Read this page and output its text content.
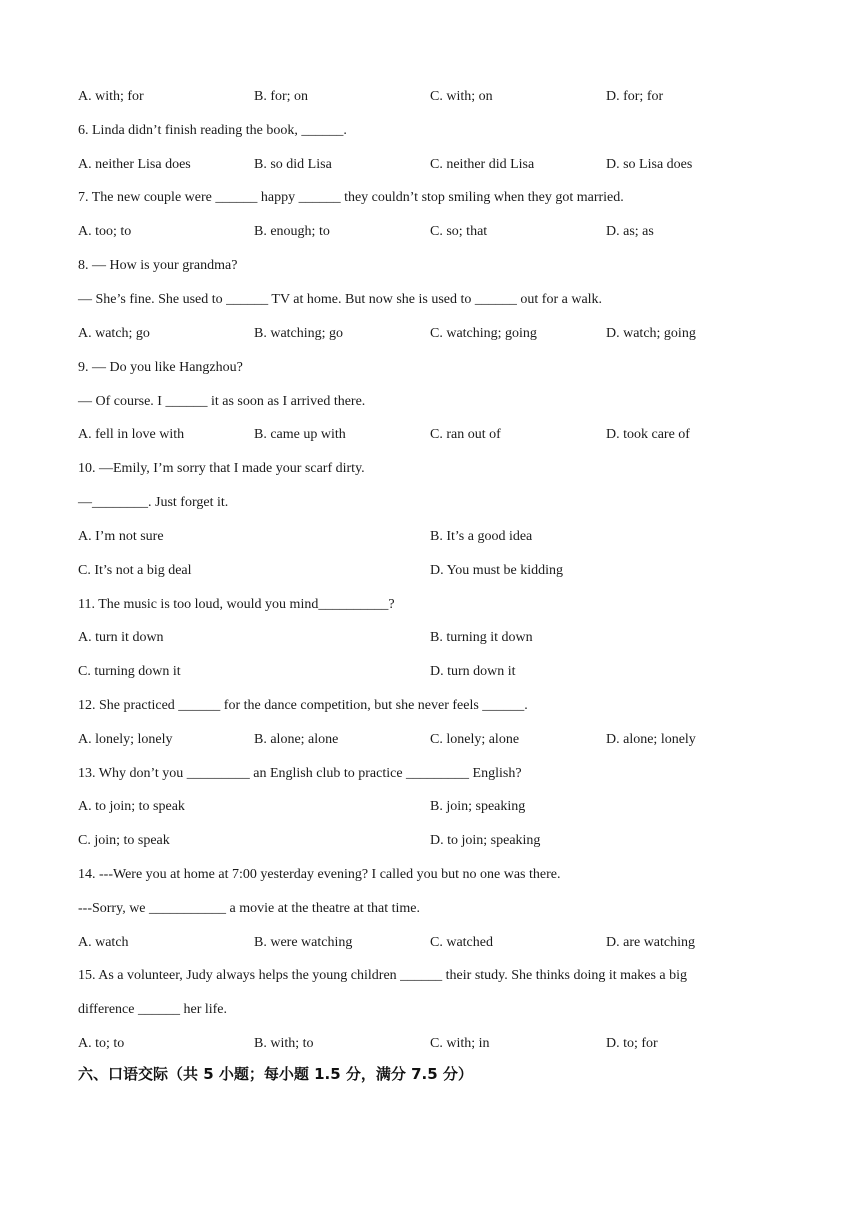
A. with; for	B. for; on	C. with; on	D. for; for
6. Linda didn’t finish reading the book, ______.
A. neither Lisa does	B. so did Lisa	C. neither did Lisa	D. so Lisa does
7. The new couple were ______ happy ______ they couldn’t stop smiling when they got married.
A. too; to	B. enough; to	C. so; that	D. as; as
8. — How is your grandma?
— She’s fine. She used to ______ TV at home. But now she is used to ______ out for a walk.
A. watch; go	B. watching; go	C. watching; going	D. watch; going
9. — Do you like Hangzhou?
— Of course. I ______ it as soon as I arrived there.
A. fell in love with	B. came up with	C. ran out of	D. took care of
10. —Emily, I’m sorry that I made your scarf dirty.
—________. Just forget it.
A. I’m not sure	B. It’s a good idea
C. It’s not a big deal	D. You must be kidding
11. The music is too loud, would you mind__________?
A. turn it down	B. turning it down
C. turning down it	D. turn down it
12. She practiced ______ for the dance competition, but she never feels ______.
A. lonely; lonely	B. alone; alone	C. lonely; alone	D. alone; lonely
13. Why don’t you _________ an English club to practice _________ English?
A. to join; to speak	B. join; speaking
C. join; to speak	D. to join; speaking
14. ---Were you at home at 7:00 yesterday evening? I called you but no one was there.
---Sorry, we ___________ a movie at the theatre at that time.
A. watch	B. were watching	C. watched	D. are watching
15. As a volunteer, Judy always helps the young children ______ their study. She thinks doing it makes a big
difference ______ her life.
A. to; to	B. with; to	C. with; in	D. to; for
六、口语交际（共 5 小题；每小题 1.5 分，满分 7.5 分）
